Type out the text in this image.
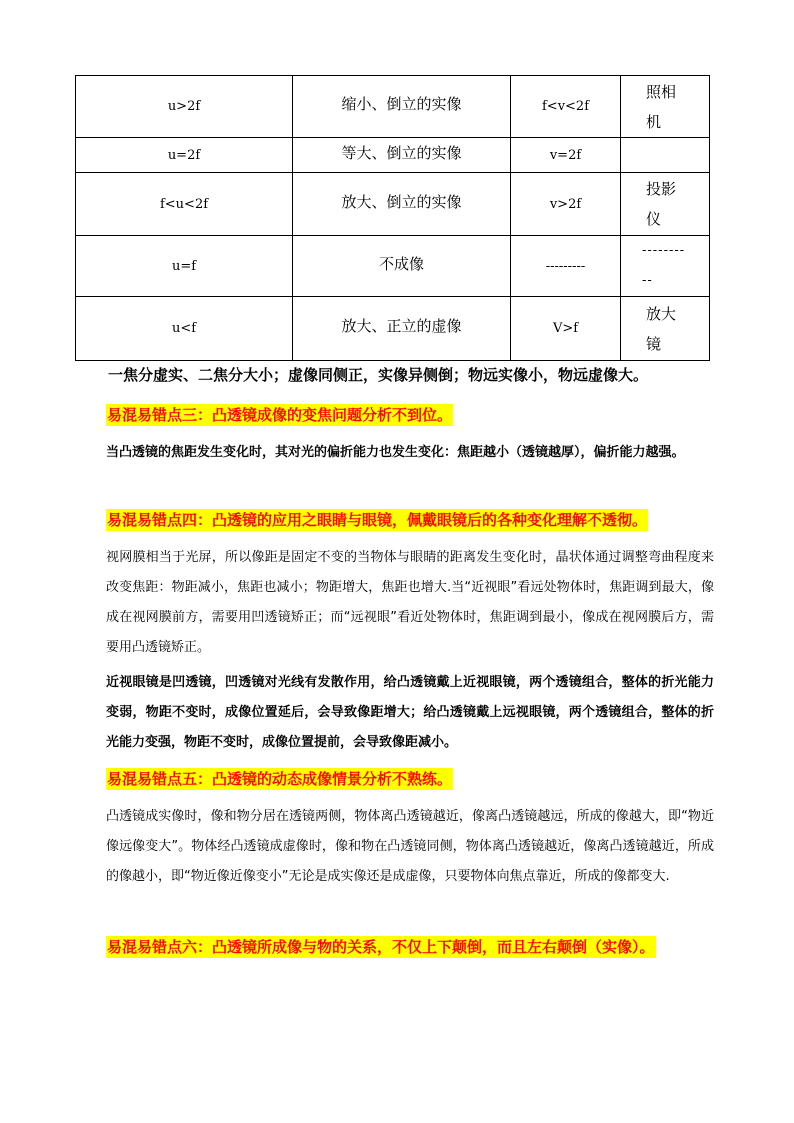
u>2f	缩小、倒立的实像	f<v<2f	照相机
u=2f	等大、倒立的实像	v=2f	
f<u<2f	放大、倒立的实像	v>2f	投影仪
u=f	不成像	---------	----------
u<f	放大、正立的虚像	V>f	放大镜
一焦分虚实、二焦分大小；虚像同侧正，实像异侧倒；物远实像小，物远虚像大。
易混易错点三：凸透镜成像的变焦问题分析不到位。

当凸透镜的焦距发生变化时，其对光的偏折能力也发生变化：焦距越小（透镜越厚），偏折能力越强。

易混易错点四：凸透镜的应用之眼睛与眼镜，佩戴眼镜后的各种变化理解不透彻。

视网膜相当于光屏，所以像距是固定不变的当物体与眼睛的距离发生变化时，晶状体通过调整弯曲程度来改变焦距：物距减小，焦距也减小；物距增大，焦距也增大.当“近视眼”看远处物体时，焦距调到最大，像成在视网膜前方，需要用凹透镜矫正；而“远视眼”看近处物体时，焦距调到最小，像成在视网膜后方，需要用凸透镜矫正。

近视眼镜是凹透镜，凹透镜对光线有发散作用，给凸透镜戴上近视眼镜，两个透镜组合，整体的折光能力变弱，物距不变时，成像位置延后，会导致像距增大；给凸透镜戴上远视眼镜，两个透镜组合，整体的折光能力变强，物距不变时，成像位置提前，会导致像距减小。

易混易错点五：凸透镜的动态成像情景分析不熟练。

凸透镜成实像时，像和物分居在透镜两侧，物体离凸透镜越近，像离凸透镜越远，所成的像越大，即“物近像远像变大”。物体经凸透镜成虚像时，像和物在凸透镜同侧，物体离凸透镜越近，像离凸透镜越近，所成的像越小，即“物近像近像变小”无论是成实像还是成虚像，只要物体向焦点靠近，所成的像都变大.

易混易错点六：凸透镜所成像与物的关系，不仅上下颠倒，而且左右颠倒（实像）。
